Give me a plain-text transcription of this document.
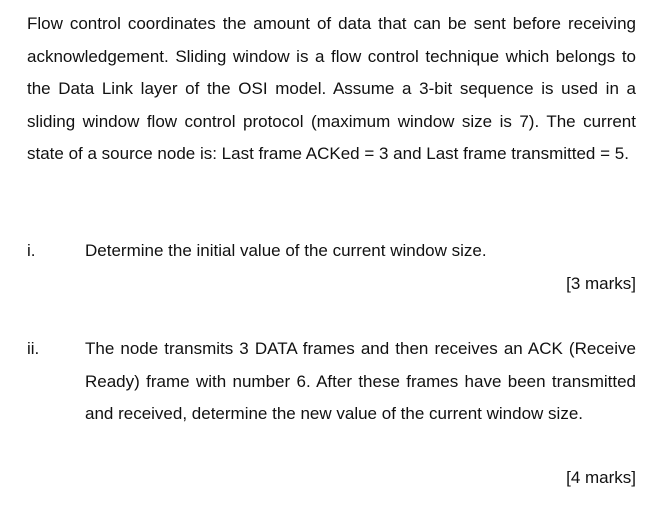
Flow control coordinates the amount of data that can be sent before receiving acknowledgement. Sliding window is a flow control technique which belongs to the Data Link layer of the OSI model. Assume a 3-bit sequence is used in a sliding window flow control protocol (maximum window size is 7). The current state of a source node is: Last frame ACKed = 3 and Last frame transmitted = 5.

i.	Determine the initial value of the current window size.

[3 marks]

ii.	The node transmits 3 DATA frames and then receives an ACK (Receive Ready) frame with number 6. After these frames have been transmitted and received, determine the new value of the current window size.

[4 marks]
